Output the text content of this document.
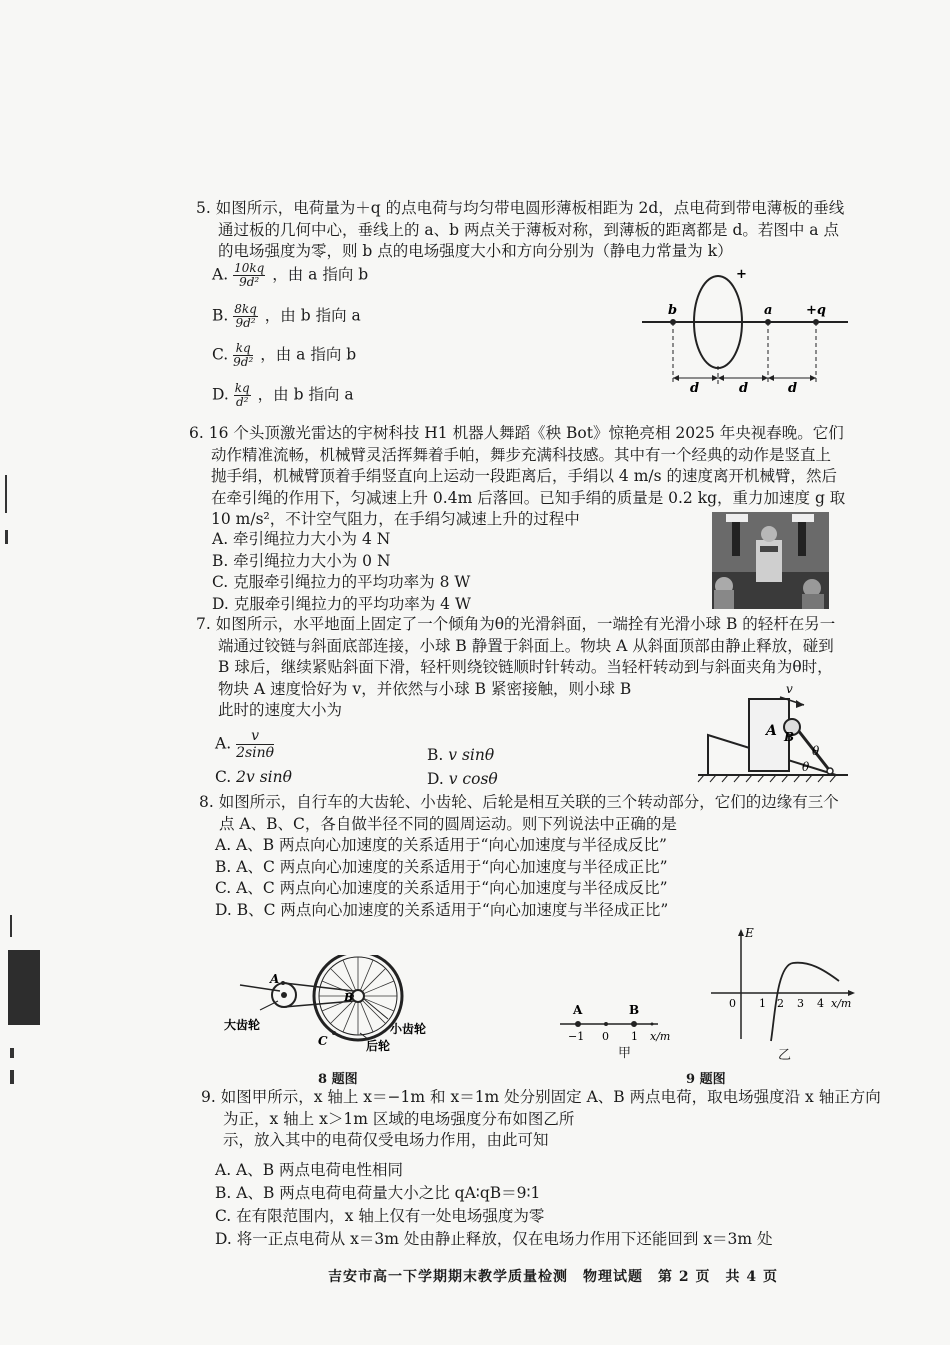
5. 如图所示，电荷量为＋q 的点电荷与均匀带电圆形薄板相距为 2d，点电荷到带电薄板的垂线
通过板的几何中心，垂线上的 a、b 两点关于薄板对称，到薄板的距离都是 d。若图中 a 点
的电场强度为零，则 b 点的电场强度大小和方向分别为（静电力常量为 k）
A. $\frac{10kq}{\text{9d²}}$ ，由 a 指向 b
B. $\frac{8kq}{\text{9d²}}$ ，由 b 指向 a
C. $\frac{kq}{\text{9d²}}$ ，由 a 指向 b
D. $\frac{kq}{\text{d²}}$ ，由 b 指向 a
b	a	+q
+
d	d	d
6. 16 个头顶激光雷达的宇树科技 H1 机器人舞蹈《秧 Bot》惊艳亮相 2025 年央视春晚。它们
动作精准流畅，机械臂灵活挥舞着手帕，舞步充满科技感。其中有一个经典的动作是竖直上
抛手绢，机械臂顶着手绢竖直向上运动一段距离后，手绢以 4 m/s 的速度离开机械臂，然后
在牵引绳的作用下，匀减速上升 0.4m 后落回。已知手绢的质量是 0.2 kg，重力加速度 g 取
10 m/s²，不计空气阻力，在手绢匀减速上升的过程中
A. 牵引绳拉力大小为 4 N
B. 牵引绳拉力大小为 0 N
C. 克服牵引绳拉力的平均功率为 8 W
D. 克服牵引绳拉力的平均功率为 4 W
7. 如图所示，水平地面上固定了一个倾角为θ的光滑斜面，一端拴有光滑小球 B 的轻杆在另一
端通过铰链与斜面底部连接，小球 B 静置于斜面上。物块 A 从斜面顶部由静止释放，碰到
B 球后，继续紧贴斜面下滑，轻杆则绕铰链顺时针转动。当轻杆转动到与斜面夹角为θ时，
物块 A 速度恰好为 v，并依然与小球 B 紧密接触，则小球 B
此时的速度大小为
A. $\frac{v}{2\sin\theta}$	B. v sinθ
C. 2v sinθ	D. v cosθ
v
A B
θ
θ
8. 如图所示，自行车的大齿轮、小齿轮、后轮是相互关联的三个转动部分，它们的边缘有三个
点 A、B、C，各自做半径不同的圆周运动。则下列说法中正确的是
A. A、B 两点向心加速度的关系适用于“向心加速度与半径成反比”
B. A、C 两点向心加速度的关系适用于“向心加速度与半径成正比”
C. A、C 两点向心加速度的关系适用于“向心加速度与半径成反比”
D. B、C 两点向心加速度的关系适用于“向心加速度与半径成正比”
A
B
C
大齿轮	小齿轮
后轮
8 题图
A	B
−1 0 1 x/m
甲
E
0 1 2 3 4 x/m
乙
9 题图
9. 如图甲所示，x 轴上 x＝−1m 和 x＝1m 处分别固定 A、B 两点电荷，取电场强度沿 x 轴正方向
为正，x 轴上 x＞1m 区域的电场强度分布如图乙所
示，放入其中的电荷仅受电场力作用，由此可知
A. A、B 两点电荷电性相同
B. A、B 两点电荷电荷量大小之比 qA∶qB＝9∶1
C. 在有限范围内，x 轴上仅有一处电场强度为零
D. 将一正点电荷从 x＝3m 处由静止释放，仅在电场力作用下还能回到 x＝3m 处
吉安市高一下学期期末教学质量检测　物理试题　第 2 页　共 4 页
